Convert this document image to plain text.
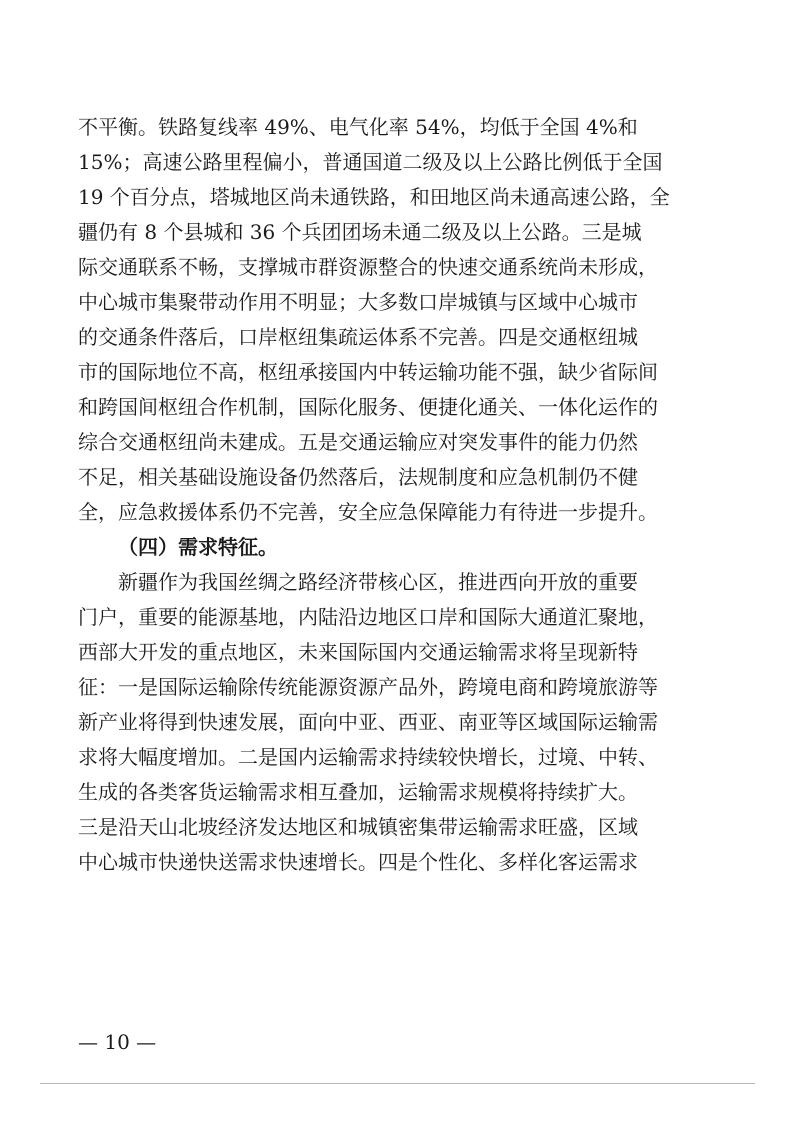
不平衡。铁路复线率 49%、电气化率 54%，均低于全国 4%和
15%；高速公路里程偏小，普通国道二级及以上公路比例低于全国
19 个百分点，塔城地区尚未通铁路，和田地区尚未通高速公路，全
疆仍有 8 个县城和 36 个兵团团场未通二级及以上公路。三是城
际交通联系不畅，支撑城市群资源整合的快速交通系统尚未形成，
中心城市集聚带动作用不明显；大多数口岸城镇与区域中心城市
的交通条件落后，口岸枢纽集疏运体系不完善。四是交通枢纽城
市的国际地位不高，枢纽承接国内中转运输功能不强，缺少省际间
和跨国间枢纽合作机制，国际化服务、便捷化通关、一体化运作的
综合交通枢纽尚未建成。五是交通运输应对突发事件的能力仍然
不足，相关基础设施设备仍然落后，法规制度和应急机制仍不健
全，应急救援体系仍不完善，安全应急保障能力有待进一步提升。
（四）需求特征。
新疆作为我国丝绸之路经济带核心区，推进西向开放的重要
门户，重要的能源基地，内陆沿边地区口岸和国际大通道汇聚地，
西部大开发的重点地区，未来国际国内交通运输需求将呈现新特
征：一是国际运输除传统能源资源产品外，跨境电商和跨境旅游等
新产业将得到快速发展，面向中亚、西亚、南亚等区域国际运输需
求将大幅度增加。二是国内运输需求持续较快增长，过境、中转、
生成的各类客货运输需求相互叠加，运输需求规模将持续扩大。
三是沿天山北坡经济发达地区和城镇密集带运输需求旺盛，区域
中心城市快递快送需求快速增长。四是个性化、多样化客运需求
— 10 —
